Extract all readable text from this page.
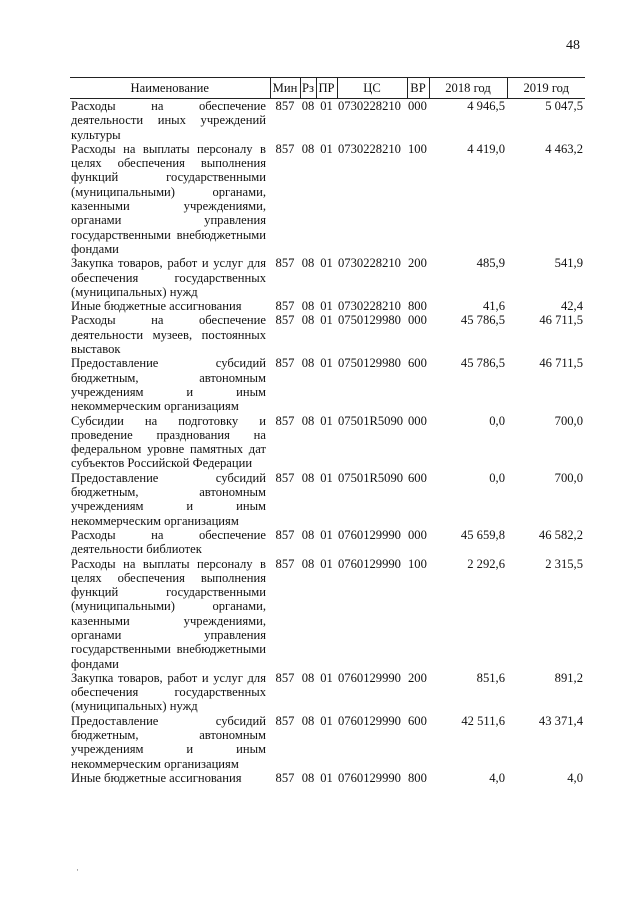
48
Наименование	Мин	Рз	ПР	ЦС	ВР	2018 год	2019 год
Расходы на обеспечение деятельности иных учреждений культуры	857	08	01	0730228210	000	4 946,5	5 047,5
Расходы на выплаты персоналу в целях обеспечения выполнения функций государственными (муниципальными) органами, казенными учреждениями, органами управления государственными внебюджетными фондами	857	08	01	0730228210	100	4 419,0	4 463,2
Закупка товаров, работ и услуг для обеспечения государственных (муниципальных) нужд	857	08	01	0730228210	200	485,9	541,9
Иные бюджетные ассигнования	857	08	01	0730228210	800	41,6	42,4
Расходы на обеспечение деятельности музеев, постоянных выставок	857	08	01	0750129980	000	45 786,5	46 711,5
Предоставление субсидий бюджетным, автономным учреждениям и иным некоммерческим организациям	857	08	01	0750129980	600	45 786,5	46 711,5
Субсидии на подготовку и проведение празднования на федеральном уровне памятных дат субъектов Российской Федерации	857	08	01	07501R5090	000	0,0	700,0
Предоставление субсидий бюджетным, автономным учреждениям и иным некоммерческим организациям	857	08	01	07501R5090	600	0,0	700,0
Расходы на обеспечение деятельности библиотек	857	08	01	0760129990	000	45 659,8	46 582,2
Расходы на выплаты персоналу в целях обеспечения выполнения функций государственными (муниципальными) органами, казенными учреждениями, органами управления государственными внебюджетными фондами	857	08	01	0760129990	100	2 292,6	2 315,5
Закупка товаров, работ и услуг для обеспечения государственных (муниципальных) нужд	857	08	01	0760129990	200	851,6	891,2
Предоставление субсидий бюджетным, автономным учреждениям и иным некоммерческим организациям	857	08	01	0760129990	600	42 511,6	43 371,4
Иные бюджетные ассигнования	857	08	01	0760129990	800	4,0	4,0
·
